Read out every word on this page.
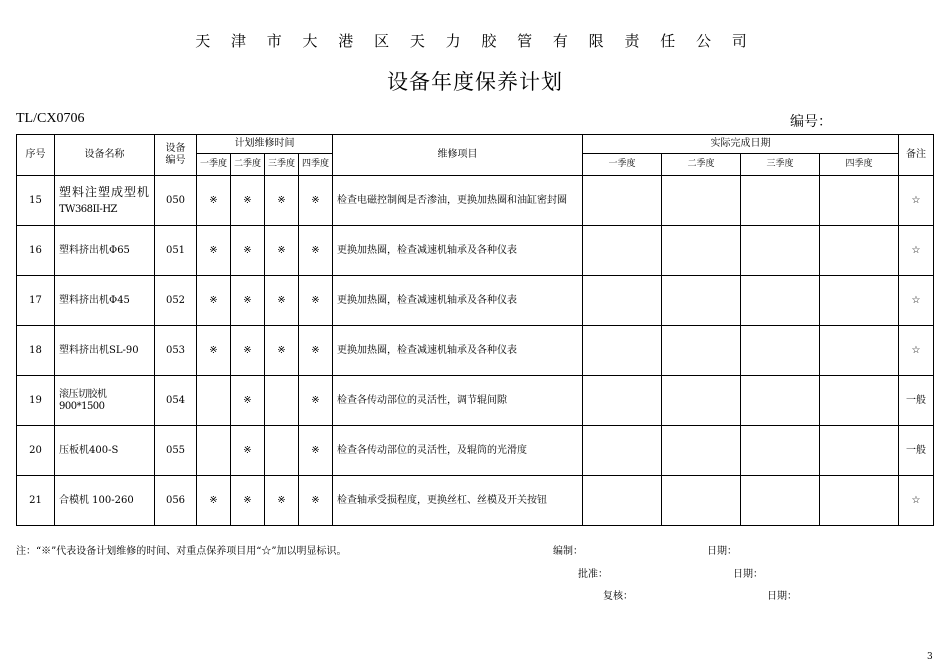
天 津 市 大 港 区 天 力 胶 管 有 限 责 任 公 司
设备年度保养计划
TL/CX0706	编号：
序号	设备名称	设备
编号	计划维修时间				维修项目	实际完成日期				备注
			一季度	二季度	三季度	四季度		一季度	二季度	三季度	四季度	
15	塑料注塑成型机
TW368II-HZ	050	※	※	※	※	检查电磁控制阀是否渗油，更换加热圈和油缸密封圈					☆
16	塑料挤出机Φ65	051	※	※	※	※	更换加热圈，检查减速机轴承及各种仪表					☆
17	塑料挤出机Φ45	052	※	※	※	※	更换加热圈，检查减速机轴承及各种仪表					☆
18	塑料挤出机SL-90	053	※	※	※	※	更换加热圈，检查减速机轴承及各种仪表					☆
19	滚压切胶机 900*1500	054		※		※	检查各传动部位的灵活性，调节辊间隙					一般
20	压板机400-S	055		※		※	检查各传动部位的灵活性，及辊筒的光滑度					一般
21	合模机 100-260	056	※	※	※	※	检查轴承受损程度，更换丝杠、丝模及开关按钮					☆
注：“※”代表设备计划维修的时间、对重点保养项目用“☆”加以明显标识。	编制：	日期：
批准：	日期：
复核：	日期：
3
